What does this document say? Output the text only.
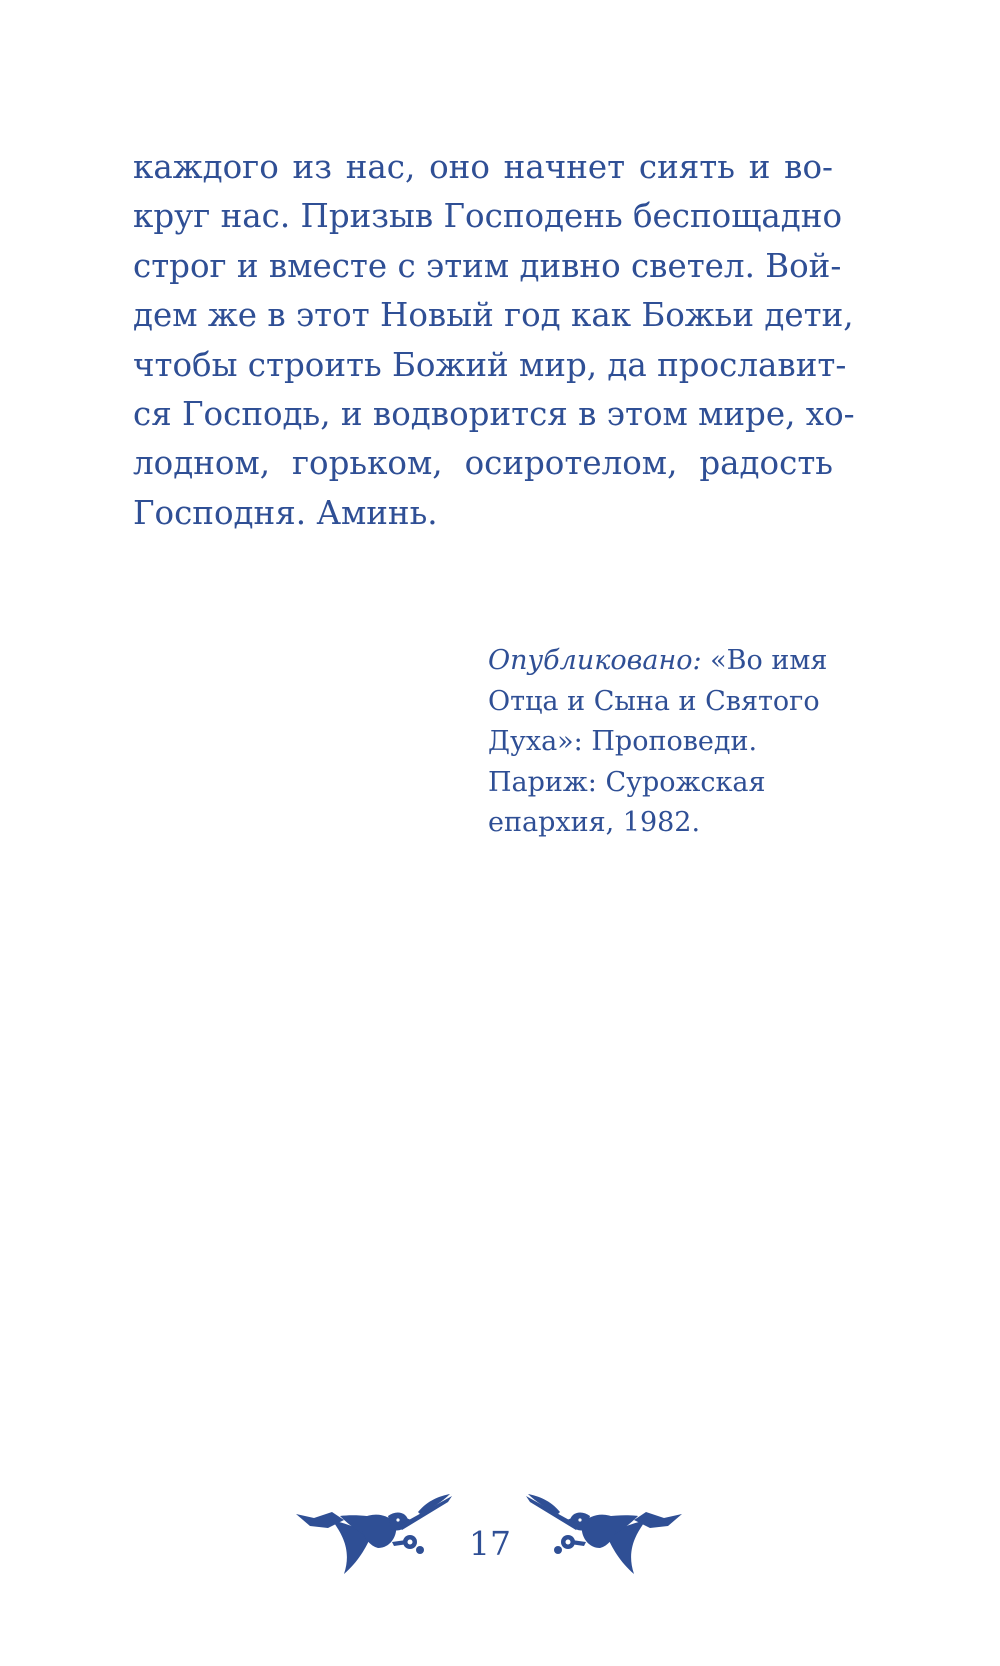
каждого из нас, оно начнет сиять и во-
круг нас. Призыв Господень беспощадно
строг и вместе с этим дивно светел. Вой-
дем же в этот Новый год как Божьи дети,
чтобы строить Божий мир, да прославит-
ся Господь, и водворится в этом мире, хо-
лодном, горьком, осиротелом, радость
Господня. Аминь.
Опубликовано: «Во имя
Отца и Сына и Святого
Духа»: Проповеди.
Париж: Сурожская
епархия, 1982.
17
